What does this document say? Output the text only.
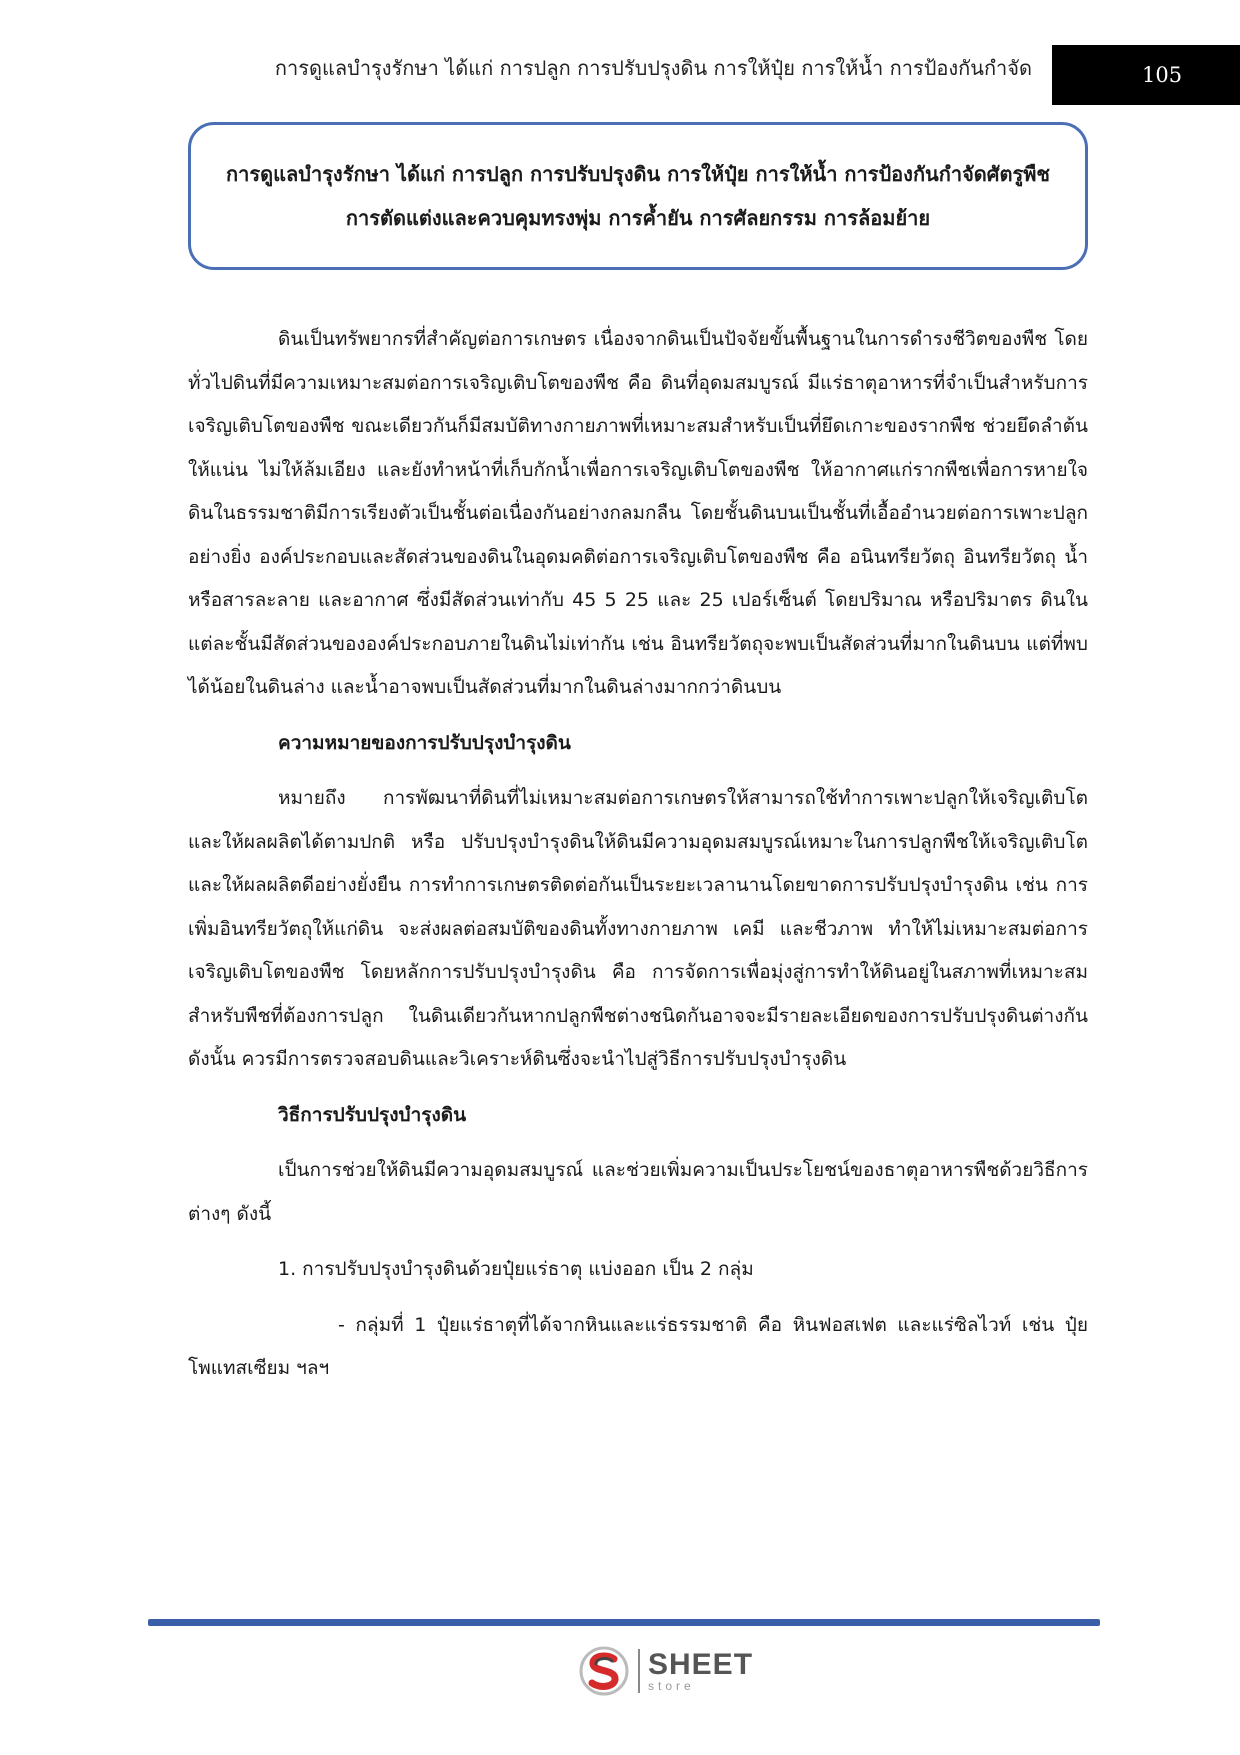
การดูแลบำรุงรักษา ได้แก่ การปลูก การปรับปรุงดิน การให้ปุ๋ย การให้น้ำ การป้องกันกำจัด	105
การดูแลบำรุงรักษา ได้แก่ การปลูก การปรับปรุงดิน การให้ปุ๋ย การให้น้ำ การป้องกันกำจัดศัตรูพืช
การตัดแต่งและควบคุมทรงพุ่ม การค้ำยัน การศัลยกรรม การล้อมย้าย

ดินเป็นทรัพยากรที่สำคัญต่อการเกษตร เนื่องจากดินเป็นปัจจัยขั้นพื้นฐานในการดำรงชีวิตของพืช โดยทั่วไปดินที่มีความเหมาะสมต่อการเจริญเติบโตของพืช คือ ดินที่อุดมสมบูรณ์ มีแร่ธาตุอาหารที่จำเป็นสำหรับการเจริญเติบโตของพืช ขณะเดียวกันก็มีสมบัติทางกายภาพที่เหมาะสมสำหรับเป็นที่ยึดเกาะของรากพืช ช่วยยึดลำต้นให้แน่น ไม่ให้ล้มเอียง และยังทำหน้าที่เก็บกักน้ำเพื่อการเจริญเติบโตของพืช ให้อากาศแก่รากพืชเพื่อการหายใจ ดินในธรรมชาติมีการเรียงตัวเป็นชั้นต่อเนื่องกันอย่างกลมกลืน โดยชั้นดินบนเป็นชั้นที่เอื้ออำนวยต่อการเพาะปลูกอย่างยิ่ง องค์ประกอบและสัดส่วนของดินในอุดมคติต่อการเจริญเติบโตของพืช คือ อนินทรียวัตถุ อินทรียวัตถุ น้ำหรือสารละลาย และอากาศ ซึ่งมีสัดส่วนเท่ากับ 45 5 25 และ 25 เปอร์เซ็นต์ โดยปริมาณ หรือปริมาตร ดินในแต่ละชั้นมีสัดส่วนขององค์ประกอบภายในดินไม่เท่ากัน เช่น อินทรียวัตถุจะพบเป็นสัดส่วนที่มากในดินบน แต่ที่พบได้น้อยในดินล่าง และน้ำอาจพบเป็นสัดส่วนที่มากในดินล่างมากกว่าดินบน

ความหมายของการปรับปรุงบำรุงดิน

หมายถึง การพัฒนาที่ดินที่ไม่เหมาะสมต่อการเกษตรให้สามารถใช้ทำการเพาะปลูกให้เจริญเติบโตและให้ผลผลิตได้ตามปกติ หรือ ปรับปรุงบำรุงดินให้ดินมีความอุดมสมบูรณ์เหมาะในการปลูกพืชให้เจริญเติบโตและให้ผลผลิตดีอย่างยั่งยืน การทำการเกษตรติดต่อกันเป็นระยะเวลานานโดยขาดการปรับปรุงบำรุงดิน เช่น การเพิ่มอินทรียวัตถุให้แก่ดิน จะส่งผลต่อสมบัติของดินทั้งทางกายภาพ เคมี และชีวภาพ ทำให้ไม่เหมาะสมต่อการเจริญเติบโตของพืช โดยหลักการปรับปรุงบำรุงดิน คือ การจัดการเพื่อมุ่งสู่การทำให้ดินอยู่ในสภาพที่เหมาะสมสำหรับพืชที่ต้องการปลูก ในดินเดียวกันหากปลูกพืชต่างชนิดกันอาจจะมีรายละเอียดของการปรับปรุงดินต่างกันดังนั้น ควรมีการตรวจสอบดินและวิเคราะห์ดินซึ่งจะนำไปสู่วิธีการปรับปรุงบำรุงดิน

วิธีการปรับปรุงบำรุงดิน

เป็นการช่วยให้ดินมีความอุดมสมบูรณ์ และช่วยเพิ่มความเป็นประโยชน์ของธาตุอาหารพืชด้วยวิธีการต่างๆ ดังนี้

1. การปรับปรุงบำรุงดินด้วยปุ๋ยแร่ธาตุ แบ่งออก เป็น 2 กลุ่ม

- กลุ่มที่ 1 ปุ๋ยแร่ธาตุที่ได้จากหินและแร่ธรรมชาติ คือ หินฟอสเฟต และแร่ซิลไวท์ เช่น ปุ๋ยโพแทสเซียม ฯลฯ

SHEET
store
